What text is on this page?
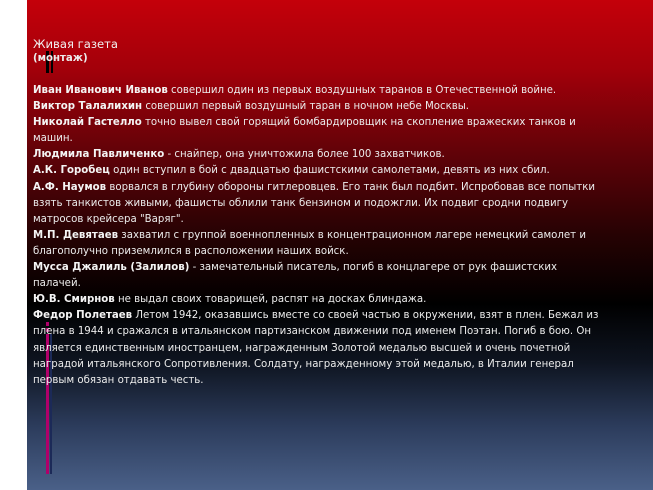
Живая газета
(монтаж)

Иван Иванович Иванов совершил один из первых воздушных таранов в Отечественной войне.

Виктор Талалихин совершил первый воздушный таран в ночном небе Москвы.

Николай Гастелло точно вывел свой горящий бомбардировщик на скопление вражеских танков и машин.

Людмила Павличенко - снайпер, она уничтожила более 100 захватчиков.

А.К. Горобец один вступил в бой с двадцатью фашистскими самолетами, девять из них сбил.

А.Ф. Наумов ворвался в глубину обороны гитлеровцев. Его танк был подбит. Испробовав все попытки взять танкистов живыми, фашисты облили танк бензином и подожгли. Их подвиг сродни подвигу матросов крейсера "Варяг".

М.П. Девятаев захватил с группой военнопленных в концентрационном лагере немецкий самолет и благополучно приземлился в расположении наших войск.

Мусса Джалиль (Залилов) - замечательный писатель, погиб в концлагере от рук фашистских палачей.

Ю.В. Смирнов не выдал своих товарищей, распят на досках блиндажа.

Федор Полетаев Летом 1942, оказавшись вместе со своей частью в окружении, взят в плен. Бежал из плена в 1944 и сражался в итальянском партизанском движении под именем Поэтан. Погиб в бою. Он является единственным иностранцем, награжденным Золотой медалью высшей и очень почетной наградой итальянского Сопротивления. Солдату, награжденному этой медалью, в Италии генерал первым обязан отдавать честь.
